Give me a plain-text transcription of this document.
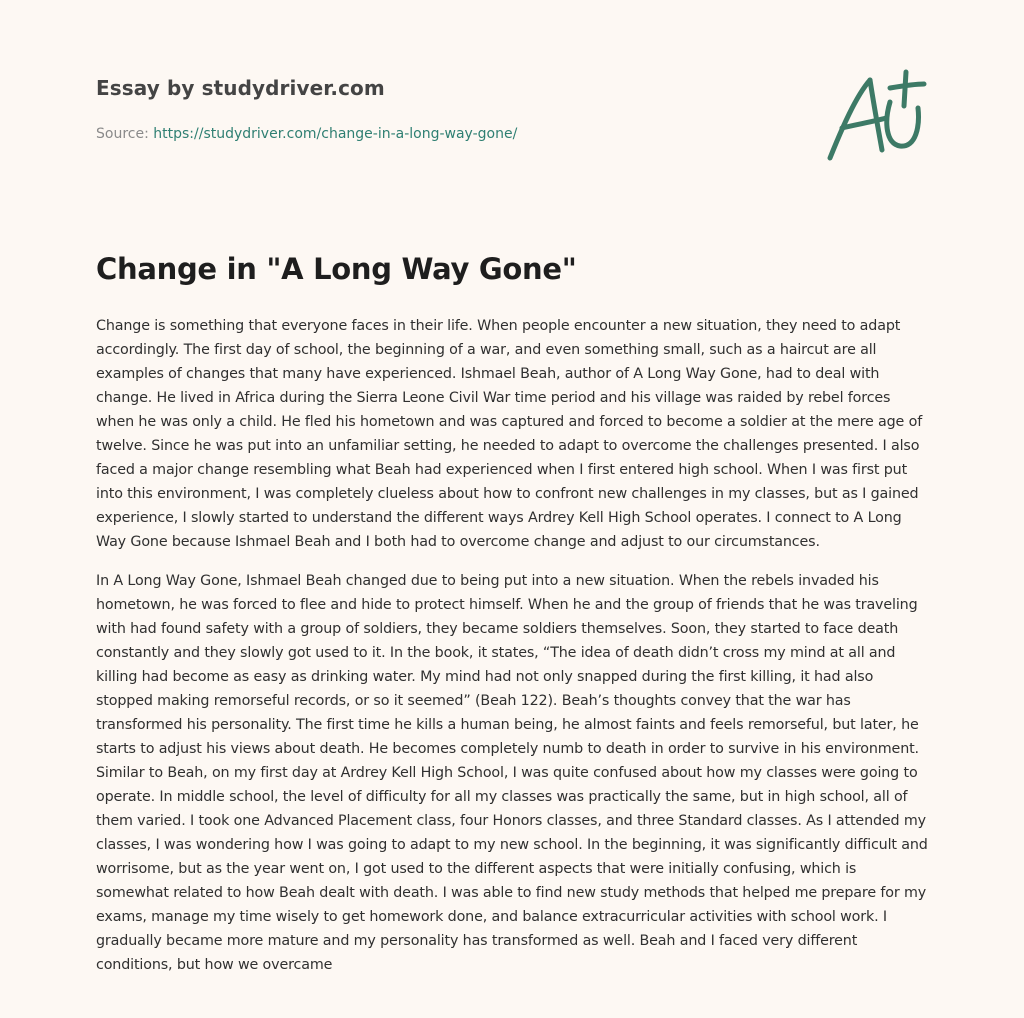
Essay by studydriver.com
Source: https://studydriver.com/change-in-a-long-way-gone/
Change in "A Long Way Gone"

Change is something that everyone faces in their life. When people encounter a new situation, they need to adapt accordingly. The first day of school, the beginning of a war, and even something small, such as a haircut are all examples of changes that many have experienced. Ishmael Beah, author of A Long Way Gone, had to deal with change. He lived in Africa during the Sierra Leone Civil War time period and his village was raided by rebel forces when he was only a child. He fled his hometown and was captured and forced to become a soldier at the mere age of twelve. Since he was put into an unfamiliar setting, he needed to adapt to overcome the challenges presented. I also faced a major change resembling what Beah had experienced when I first entered high school. When I was first put into this environment, I was completely clueless about how to confront new challenges in my classes, but as I gained experience, I slowly started to understand the different ways Ardrey Kell High School operates. I connect to A Long Way Gone because Ishmael Beah and I both had to overcome change and adjust to our circumstances.

In A Long Way Gone, Ishmael Beah changed due to being put into a new situation. When the rebels invaded his hometown, he was forced to flee and hide to protect himself. When he and the group of friends that he was traveling with had found safety with a group of soldiers, they became soldiers themselves. Soon, they started to face death constantly and they slowly got used to it. In the book, it states, “The idea of death didn’t cross my mind at all and killing had become as easy as drinking water. My mind had not only snapped during the first killing, it had also stopped making remorseful records, or so it seemed” (Beah 122). Beah’s thoughts convey that the war has transformed his personality. The first time he kills a human being, he almost faints and feels remorseful, but later, he starts to adjust his views about death. He becomes completely numb to death in order to survive in his environment. Similar to Beah, on my first day at Ardrey Kell High School, I was quite confused about how my classes were going to operate. In middle school, the level of difficulty for all my classes was practically the same, but in high school, all of them varied. I took one Advanced Placement class, four Honors classes, and three Standard classes. As I attended my classes, I was wondering how I was going to adapt to my new school. In the beginning, it was significantly difficult and worrisome, but as the year went on, I got used to the different aspects that were initially confusing, which is somewhat related to how Beah dealt with death. I was able to find new study methods that helped me prepare for my exams, manage my time wisely to get homework done, and balance extracurricular activities with school work. I gradually became more mature and my personality has transformed as well. Beah and I faced very different conditions, but how we overcame
